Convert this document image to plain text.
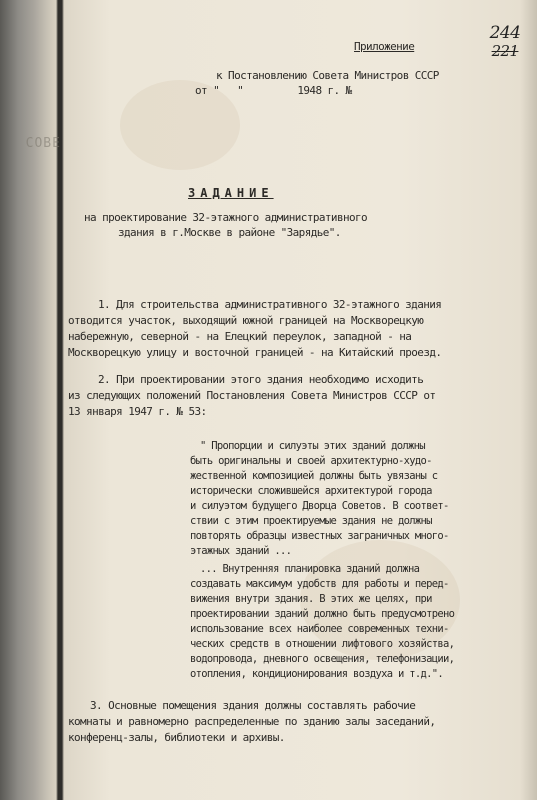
СОВЕ

244
221
Приложение
к Постановлению Совета Министров СССР
от "   "         1948 г. №
ЗАДАНИЕ
на проектирование 32-этажного административного
здания в г.Москве в районе "Зарядье".
1. Для строительства административного 32-этажного здания
отводится участок, выходящий южной границей на Москворецкую
набережную, северной - на Елецкий переулок, западной - на
Москворецкую улицу и восточной границей - на Китайский проезд.
2. При проектировании этого здания необходимо исходить
из следующих положений Постановления Совета Министров СССР от
13 января 1947 г. № 53:
" Пропорции и силуэты этих зданий должны
быть оригинальны и своей архитектурно-худо-
жественной композицией должны быть увязаны с
исторически сложившейся архитектурой города
и силуэтом будущего Дворца Советов. В соответ-
ствии с этим проектируемые здания не должны
повторять образцы известных заграничных много-
этажных зданий ...
... Внутренняя планировка зданий должна
создавать максимум удобств для работы и перед-
вижения внутри здания. В этих же целях, при
проектировании зданий должно быть предусмотрено
использование всех наиболее современных техни-
ческих средств в отношении лифтового хозяйства,
водопровода, дневного освещения, телефонизации,
отопления, кондиционирования воздуха и т.д.".
3. Основные помещения здания должны составлять рабочие
комнаты и равномерно распределенные по зданию залы заседаний,
конференц-залы, библиотеки и архивы.
